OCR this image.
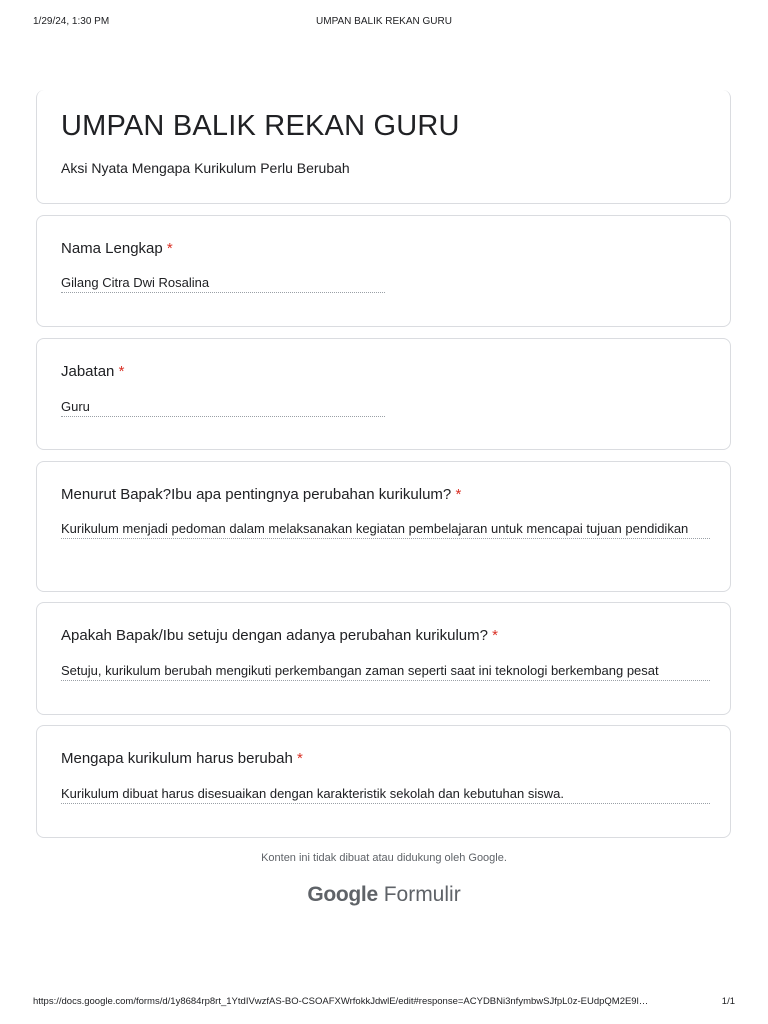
1/29/24, 1:30 PM	UMPAN BALIK REKAN GURU
UMPAN BALIK REKAN GURU
Aksi Nyata Mengapa Kurikulum Perlu Berubah
Nama Lengkap *
Gilang Citra Dwi Rosalina
Jabatan *
Guru
Menurut Bapak?Ibu apa pentingnya perubahan kurikulum? *
Kurikulum menjadi pedoman dalam melaksanakan kegiatan pembelajaran untuk mencapai tujuan pendidikan
Apakah Bapak/Ibu setuju dengan adanya perubahan kurikulum? *
Setuju, kurikulum berubah mengikuti perkembangan zaman seperti saat ini teknologi berkembang pesat
Mengapa kurikulum harus berubah *
Kurikulum dibuat harus disesuaikan dengan karakteristik sekolah dan kebutuhan siswa.
Konten ini tidak dibuat atau didukung oleh Google.
Google Formulir
https://docs.google.com/forms/d/1y8684rp8rt_1YtdIVwzfAS-BO-CSOAFXWrfokkJdwlE/edit#response=ACYDBNi3nfymbwSJfpL0z-EUdpQM2E9l…	1/1
